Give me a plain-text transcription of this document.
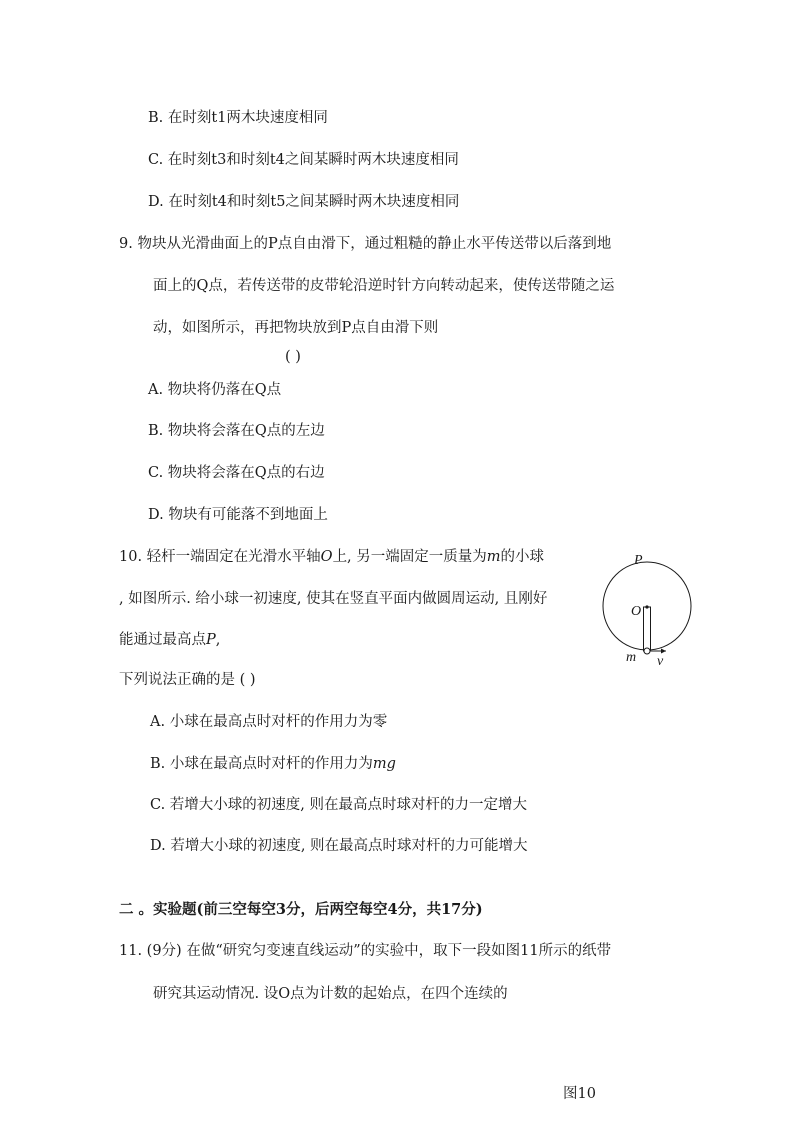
B. 在时刻t1两木块速度相同
C. 在时刻t3和时刻t4之间某瞬时两木块速度相同
D. 在时刻t4和时刻t5之间某瞬时两木块速度相同
9. 物块从光滑曲面上的P点自由滑下，通过粗糙的静止水平传送带以后落到地
面上的Q点，若传送带的皮带轮沿逆时针方向转动起来，使传送带随之运
动，如图所示，再把物块放到P点自由滑下则
( )
A. 物块将仍落在Q点
B. 物块将会落在Q点的左边
C. 物块将会落在Q点的右边
D. 物块有可能落不到地面上
10. 轻杆一端固定在光滑水平轴O上, 另一端固定一质量为m的小球
, 如图所示. 给小球一初速度, 使其在竖直平面内做圆周运动, 且刚好
能通过最高点P,
下列说法正确的是 ( )
A. 小球在最高点时对杆的作用力为零
B. 小球在最高点时对杆的作用力为mg
C. 若增大小球的初速度, 则在最高点时球对杆的力一定增大
D. 若增大小球的初速度, 则在最高点时球对杆的力可能增大
P
O
m v
二 。实验题(前三空每空3分，后两空每空4分，共17分)
11. (9分) 在做“研究匀变速直线运动”的实验中，取下一段如图11所示的纸带
研究其运动情况. 设O点为计数的起始点，在四个连续的
图10
